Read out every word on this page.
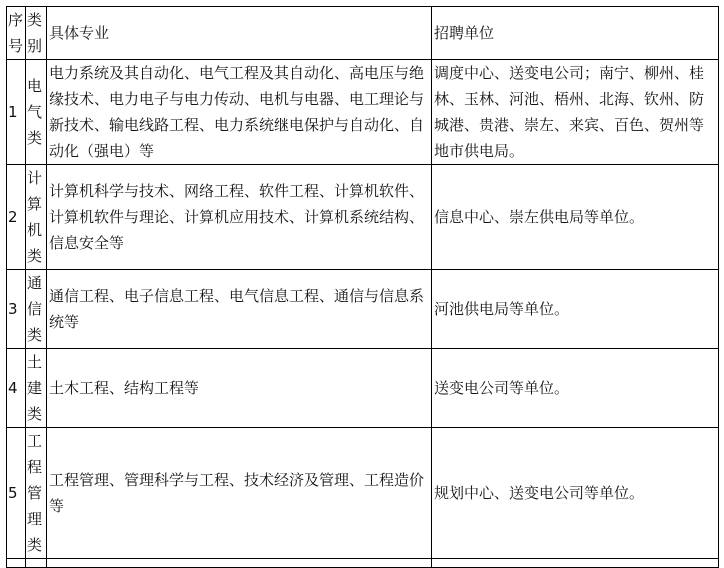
序号	类别	具体专业	招聘单位
1	电气类	电力系统及其自动化、电气工程及其自动化、高电压与绝缘技术、电力电子与电力传动、电机与电器、电工理论与新技术、输电线路工程、电力系统继电保护与自动化、自动化（强电）等	调度中心、送变电公司；南宁、柳州、桂林、玉林、河池、梧州、北海、钦州、防城港、贵港、崇左、来宾、百色、贺州等地市供电局。
2	计算机类	计算机科学与技术、网络工程、软件工程、计算机软件、计算机软件与理论、计算机应用技术、计算机系统结构、信息安全等	信息中心、崇左供电局等单位。
3	通信类	通信工程、电子信息工程、电气信息工程、通信与信息系统等	河池供电局等单位。
4	土建类	土木工程、结构工程等	送变电公司等单位。
5	工程管理类	工程管理、管理科学与工程、技术经济及管理、工程造价等	规划中心、送变电公司等单位。
